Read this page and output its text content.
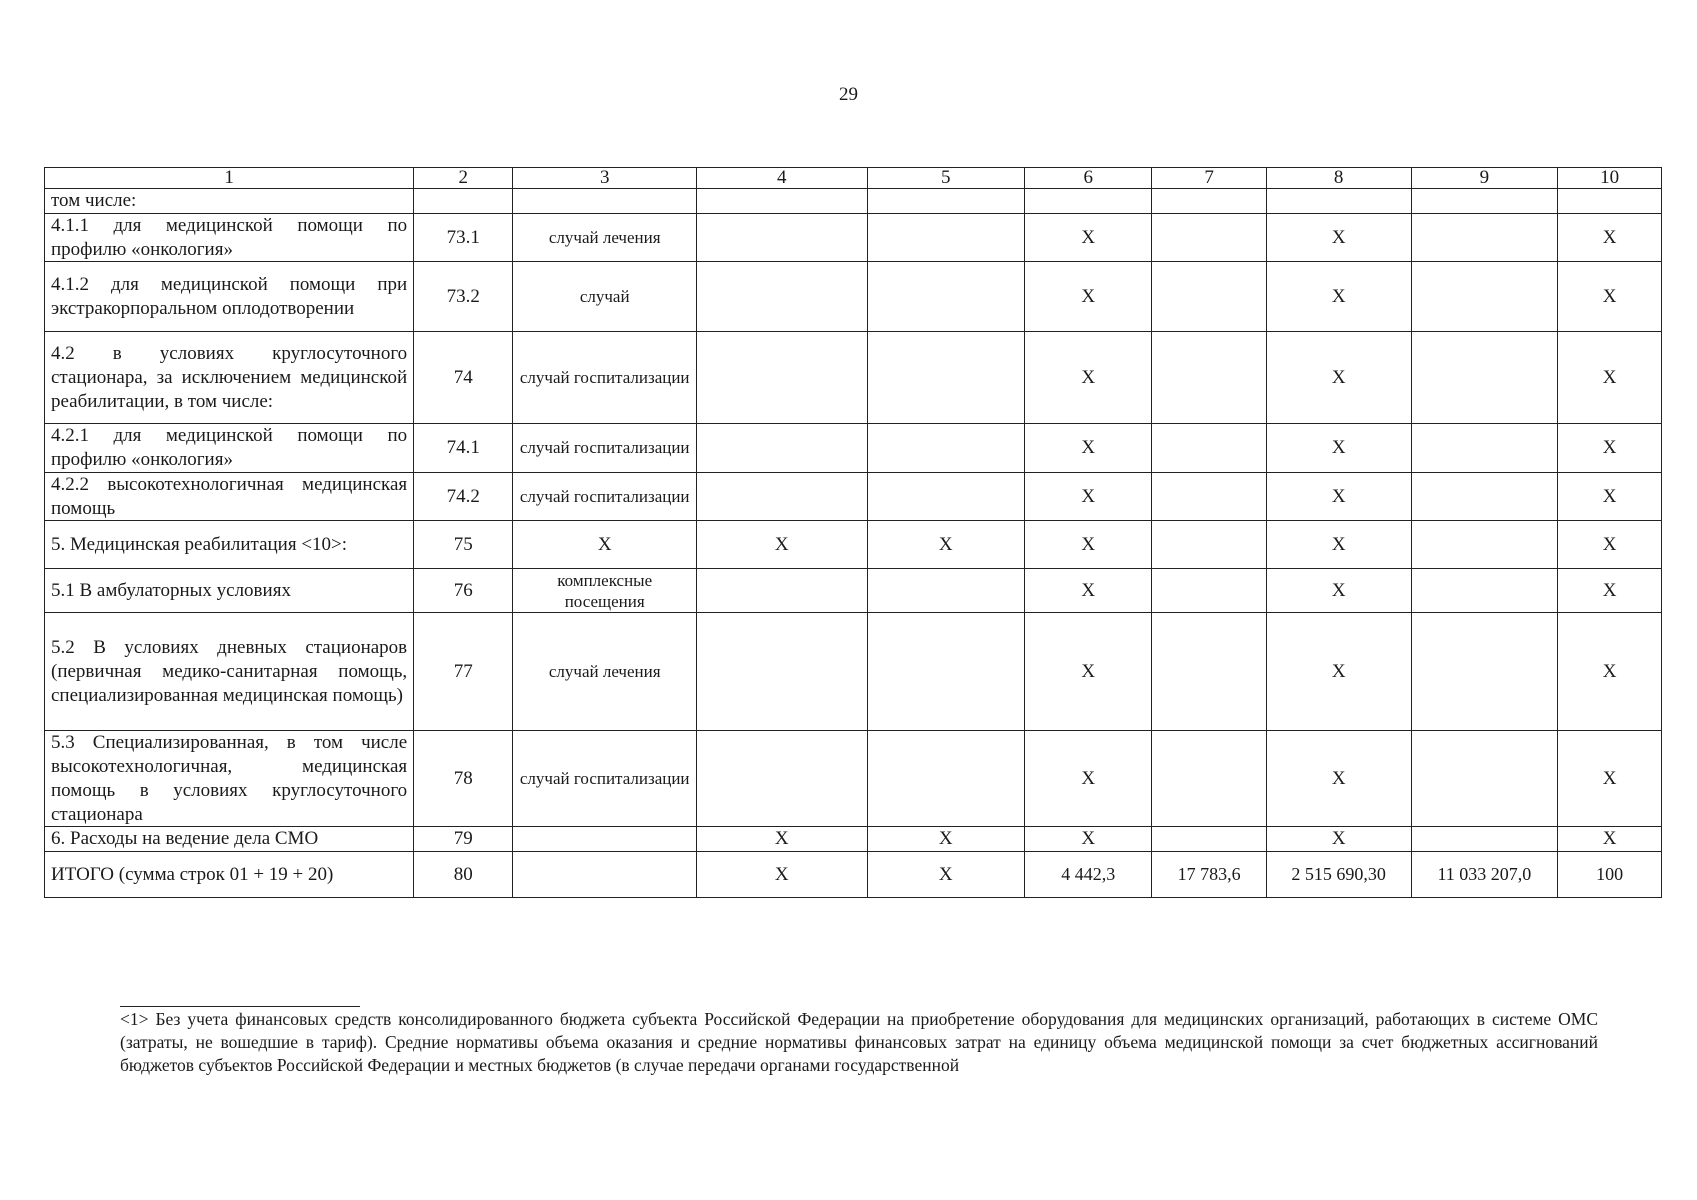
29
1	2	3	4	5	6	7	8	9	10
том числе:									
4.1.1 для медицинской помощи по профилю «онкология»	73.1	случай лечения			X		X		X
4.1.2 для медицинской помощи при экстракорпоральном оплодотворении	73.2	случай			X		X		X
4.2 в условиях круглосуточного стационара, за исключением медицинской реабилитации, в том числе:	74	случай госпитализации			X		X		X
4.2.1 для медицинской помощи по профилю «онкология»	74.1	случай госпитализации			X		X		X
4.2.2 высокотехнологичная медицинская помощь	74.2	случай госпитализации			X		X		X
5. Медицинская реабилитация <10>:	75	X	X	X	X		X		X
5.1 В амбулаторных условиях	76	комплексные посещения			X		X		X
5.2 В условиях дневных стационаров (первичная медико-санитарная помощь, специализированная медицинская помощь)	77	случай лечения			X		X		X
5.3 Специализированная, в том числе высокотехнологичная, медицинская помощь в условиях круглосуточного стационара	78	случай госпитализации			X		X		X
6. Расходы на ведение дела СМО	79		X	X	X		X		X
ИТОГО (сумма строк 01 + 19 + 20)	80		X	X	4 442,3	17 783,6	2 515 690,30	11 033 207,0	100
<1> Без учета финансовых средств консолидированного бюджета субъекта Российской Федерации на приобретение оборудования для медицинских организаций, работающих в системе ОМС (затраты, не вошедшие в тариф). Средние нормативы объема оказания и средние нормативы финансовых затрат на единицу объема медицинской помощи за счет бюджетных ассигнований бюджетов субъектов Российской Федерации и местных бюджетов (в случае передачи органами государственной
